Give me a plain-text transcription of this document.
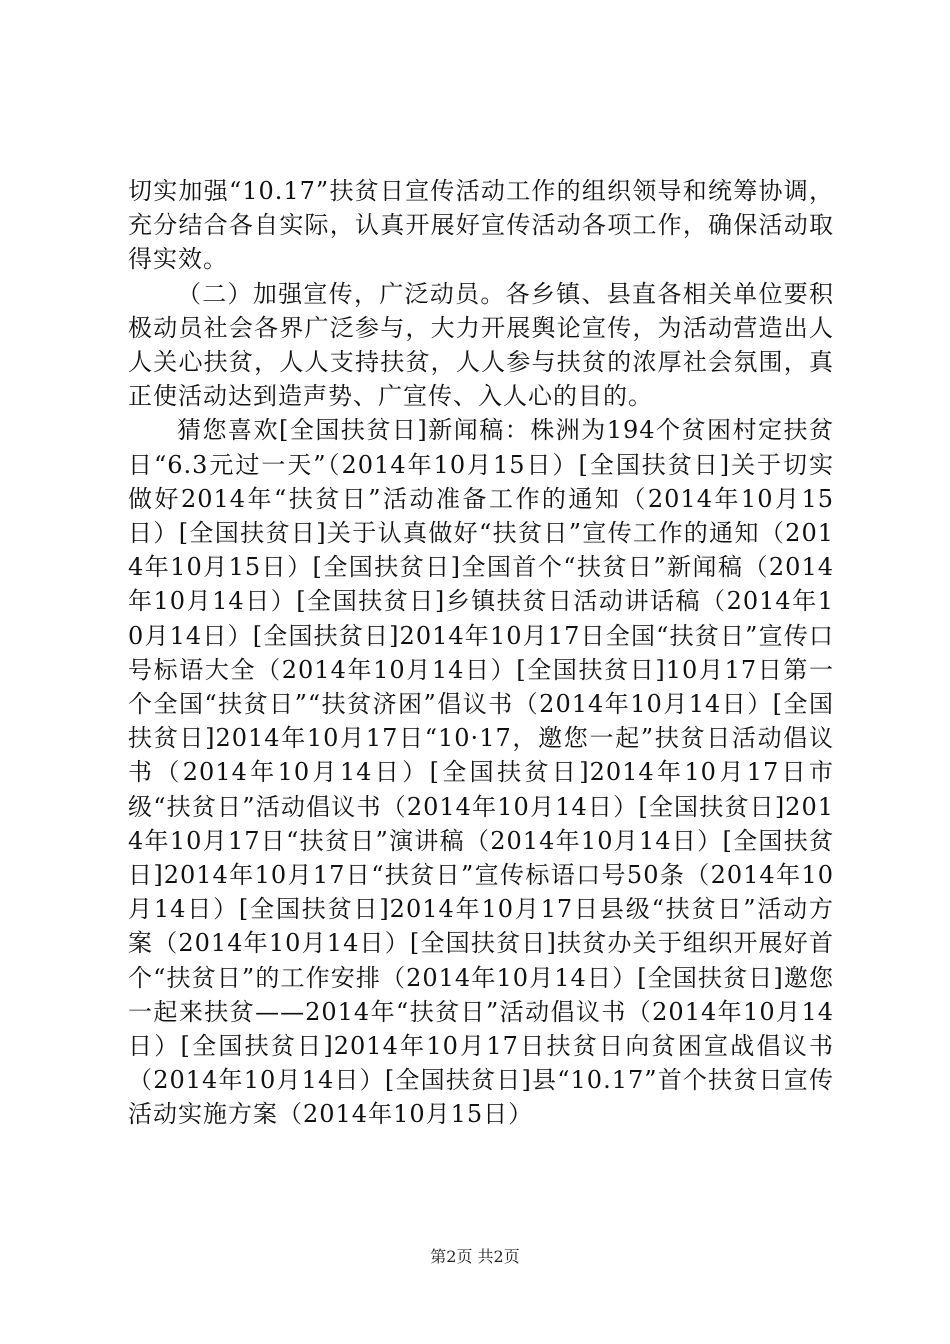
切实加强“10.17”扶贫日宣传活动工作的组织领导和统筹协调，充分结合各自实际，认真开展好宣传活动各项工作，确保活动取得实效。

（二）加强宣传，广泛动员。各乡镇、县直各相关单位要积极动员社会各界广泛参与，大力开展舆论宣传，为活动营造出人人关心扶贫，人人支持扶贫，人人参与扶贫的浓厚社会氛围，真正使活动达到造声势、广宣传、入人心的目的。

猜您喜欢[全国扶贫日]新闻稿：株洲为194个贫困村定扶贫日“6.3元过一天”（2014年10月15日）[全国扶贫日]关于切实做好2014年“扶贫日”活动准备工作的通知（2014年10月15日）[全国扶贫日]关于认真做好“扶贫日”宣传工作的通知（2014年10月15日）[全国扶贫日]全国首个“扶贫日”新闻稿（2014年10月14日）[全国扶贫日]乡镇扶贫日活动讲话稿（2014年10月14日）[全国扶贫日]2014年10月17日全国“扶贫日”宣传口号标语大全（2014年10月14日）[全国扶贫日]10月17日第一个全国“扶贫日”“扶贫济困”倡议书（2014年10月14日）[全国扶贫日]2014年10月17日“10·17，邀您一起”扶贫日活动倡议书（2014年10月14日）[全国扶贫日]2014年10月17日市级“扶贫日”活动倡议书（2014年10月14日）[全国扶贫日]2014年10月17日“扶贫日”演讲稿（2014年10月14日）[全国扶贫日]2014年10月17日“扶贫日”宣传标语口号50条（2014年10月14日）[全国扶贫日]2014年10月17日县级“扶贫日”活动方案（2014年10月14日）[全国扶贫日]扶贫办关于组织开展好首个“扶贫日”的工作安排（2014年10月14日）[全国扶贫日]邀您一起来扶贫——2014年“扶贫日”活动倡议书（2014年10月14日）[全国扶贫日]2014年10月17日扶贫日向贫困宣战倡议书（2014年10月14日）[全国扶贫日]县“10.17”首个扶贫日宣传活动实施方案（2014年10月15日）

第2页 共2页
